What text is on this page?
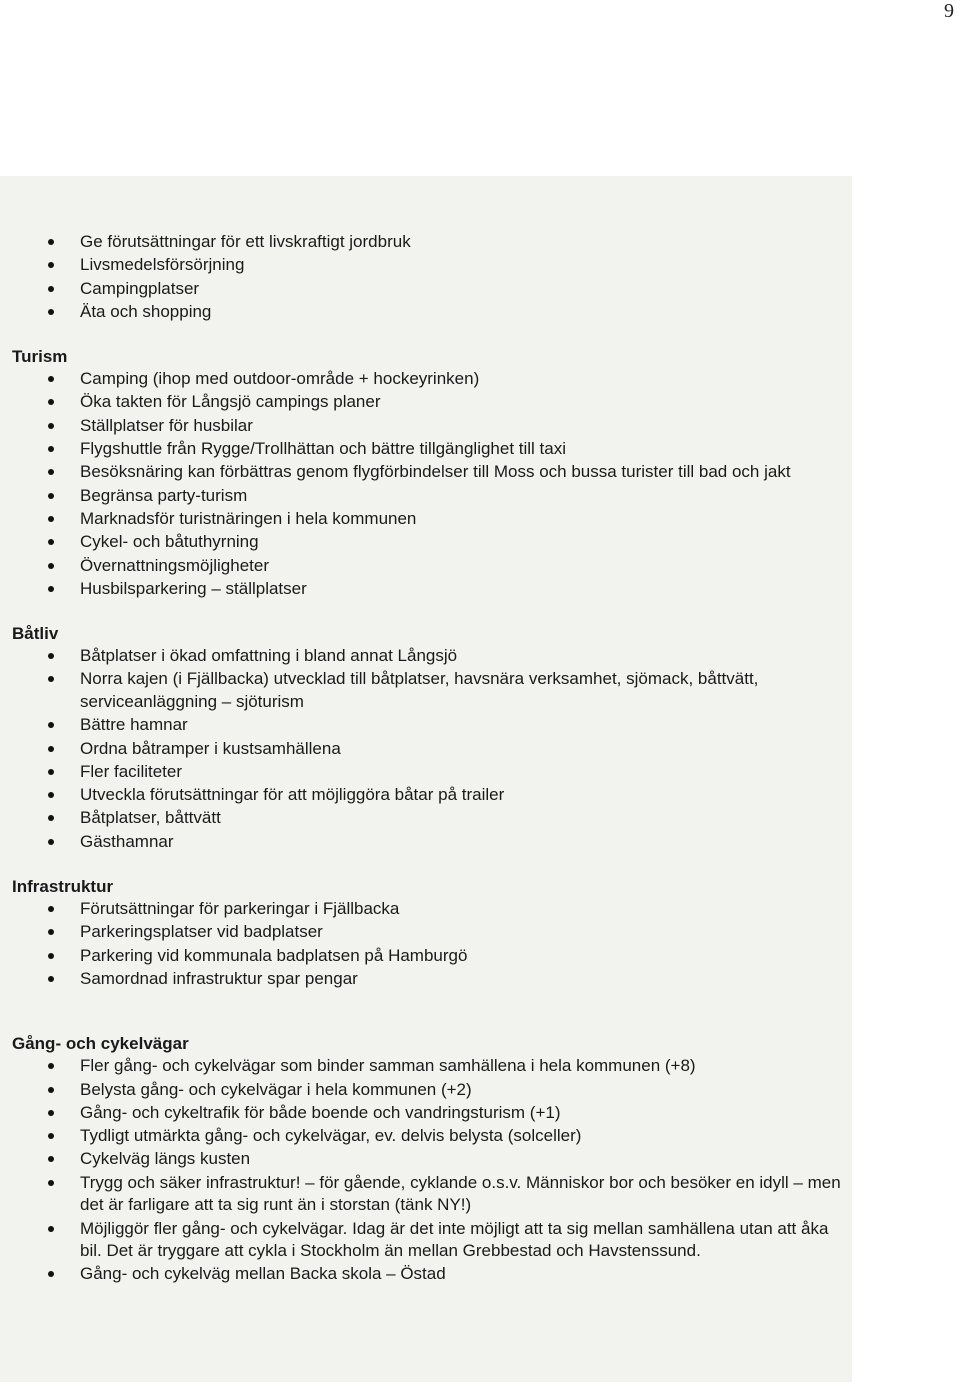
9
Ge förutsättningar för ett livskraftigt jordbruk
Livsmedelsförsörjning
Campingplatser
Äta och shopping
Turism
Camping (ihop med outdoor-område + hockeyrinken)
Öka takten för Långsjö campings planer
Ställplatser för husbilar
Flygshuttle från Rygge/Trollhättan och bättre tillgänglighet till taxi
Besöksnäring kan förbättras genom flygförbindelser till Moss och bussa turister till bad och jakt
Begränsa party-turism
Marknadsför turistnäringen i hela kommunen
Cykel- och båtuthyrning
Övernattningsmöjligheter
Husbilsparkering – ställplatser
Båtliv
Båtplatser i ökad omfattning i bland annat Långsjö
Norra kajen (i Fjällbacka) utvecklad till båtplatser, havsnära verksamhet, sjömack, båttvätt, serviceanläggning – sjöturism
Bättre hamnar
Ordna båtramper i kustsamhällena
Fler faciliteter
Utveckla förutsättningar för att möjliggöra båtar på trailer
Båtplatser, båttvätt
Gästhamnar
Infrastruktur
Förutsättningar för parkeringar i Fjällbacka
Parkeringsplatser vid badplatser
Parkering vid kommunala badplatsen på Hamburgö
Samordnad infrastruktur spar pengar
Gång- och cykelvägar
Fler gång- och cykelvägar som binder samman samhällena i hela kommunen (+8)
Belysta gång- och cykelvägar i hela kommunen (+2)
Gång- och cykeltrafik för både boende och vandringsturism (+1)
Tydligt utmärkta gång- och cykelvägar, ev. delvis belysta (solceller)
Cykelväg längs kusten
Trygg och säker infrastruktur! – för gående, cyklande o.s.v. Människor bor och besöker en idyll – men det är farligare att ta sig runt än i storstan (tänk NY!)
Möjliggör fler gång- och cykelvägar. Idag är det inte möjligt att ta sig mellan samhällena utan att åka bil. Det är tryggare att cykla i Stockholm än mellan Grebbestad och Havstenssund.
Gång- och cykelväg mellan Backa skola – Östad
